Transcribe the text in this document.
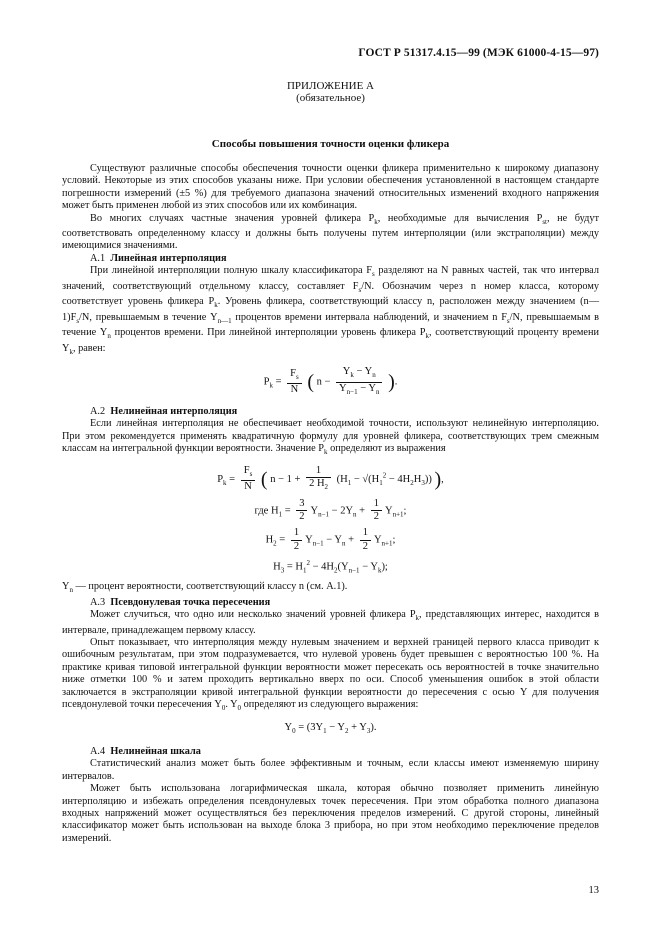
ГОСТ Р 51317.4.15—99 (МЭК 61000-4-15—97)
ПРИЛОЖЕНИЕ А
(обязательное)
Способы повышения точности оценки фликера

Существуют различные способы обеспечения точности оценки фликера применительно к широкому диапазону условий. Некоторые из этих способов указаны ниже. При условии обеспечения установленной в настоящем стандарте погрешности измерений (±5 %) для требуемого диапазона значений относительных изменений входного напряжения может быть применен любой из этих способов или их комбинация.

Во многих случаях частные значения уровней фликера $P_k$, необходимые для вычисления $P_{st}$, не будут соответствовать определенному классу и должны быть получены путем интерполяции (или экстраполяции) между имеющимися значениями.

А.1 Линейная интерполяция

При линейной интерполяции полную шкалу классификатора $F_s$ разделяют на N равных частей, так что интервал значений, соответствующий отдельному классу, составляет $F_s/N$. Обозначим через n номер класса, которому соответствует уровень фликера $P_k$. Уровень фликера, соответствующий классу n, расположен между значением $(n—1)F_s/N$, превышаемым в течение $Y_{n—1}$ процентов времени интервала наблюдений, и значением n $F_s/N$, превышаемым в течение $Y_n$ процентов времени. При линейной интерполяции уровень фликера $P_k$, соответствующий проценту времени $Y_k$, равен:

$P_k = \frac{F_s}{N}$ ( $n - \frac{Y_k - Y_n}{Y_{n-1} - Y_n}$ ).
А.2 Нелинейная интерполяция

Если линейная интерполяция не обеспечивает необходимой точности, используют нелинейную интерполяцию. При этом рекомендуется применять квадратичную формулу для уровней фликера, соответствующих трем смежным классам на интегральной функции вероятности. Значение $P_k$ определяют из выражения

$P_k = \frac{F_s}{N}$ ( $n - 1 + \frac{1}{2 H_2} (H_1 - √(H_1^2 - 4H_2H_3))$ ),
где $H_1 = \frac{3}{2} Y_{n-1} - 2Y_n + \frac{1}{2} Y_{n+1}$;
$H_2 = \frac{1}{2} Y_{n-1} - Y_n + \frac{1}{2} Y_{n+1}$;
$H_3 = H_1^2 - 4H_2(Y_{n-1} - Y_k)$;

$Y_n$ — процент вероятности, соответствующий классу n (см. А.1).

А.3 Псевдонулевая точка пересечения

Может случиться, что одно или несколько значений уровней фликера $P_k$, представляющих интерес, находится в интервале, принадлежащем первому классу.

Опыт показывает, что интерполяция между нулевым значением и верхней границей первого класса приводит к ошибочным результатам, при этом подразумевается, что нулевой уровень будет превышен с вероятностью 100 %. На практике кривая типовой интегральной функции вероятности может пересекать ось вероятностей в точке значительно ниже отметки 100 % и затем проходить вертикально вверх по оси. Способ уменьшения ошибок в этой области заключается в экстраполяции кривой интегральной функции вероятности до пересечения с осью Y для получения псевдонулевой точки пересечения $Y_0$. $Y_0$ определяют из следующего выражения:

$Y_0 = (3Y_1 - Y_2 + Y_3)$.
А.4 Нелинейная шкала

Статистический анализ может быть более эффективным и точным, если классы имеют изменяемую ширину интервалов.

Может быть использована логарифмическая шкала, которая обычно позволяет применить линейную интерполяцию и избежать определения псевдонулевых точек пересечения. При этом обработка полного диапазона входных напряжений может осуществляться без переключения пределов измерений. С другой стороны, линейный классификатор может быть использован на выходе блока 3 прибора, но при этом необходимо переключение пределов измерений.

13
